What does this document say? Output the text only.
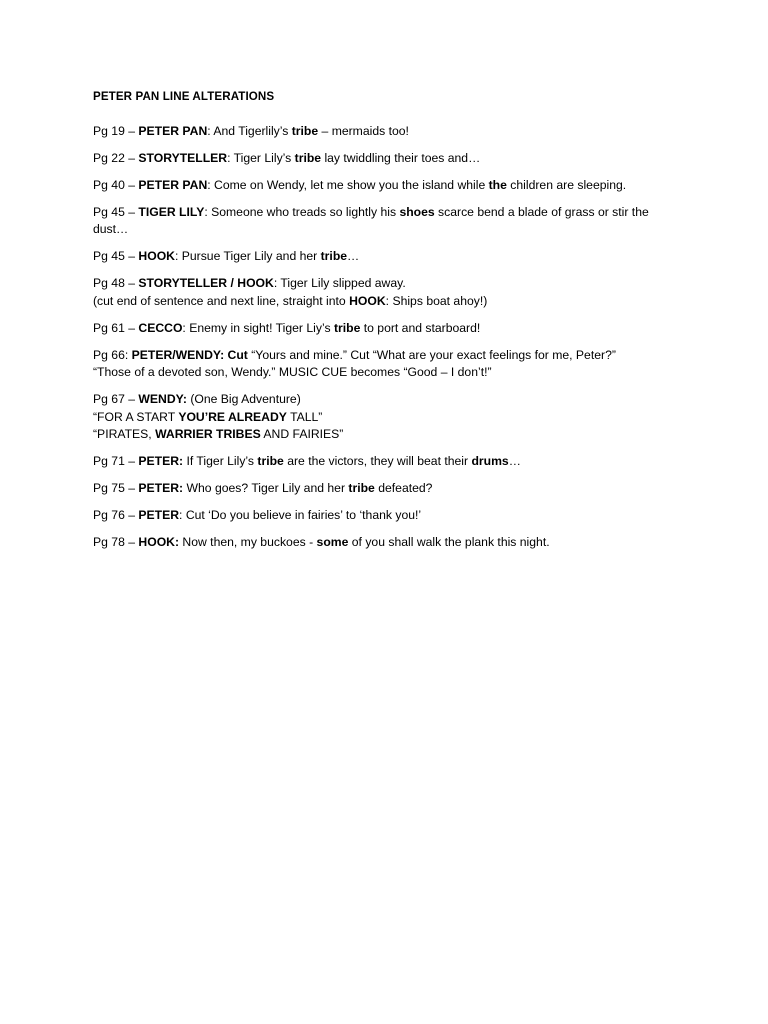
PETER PAN LINE ALTERATIONS
Pg 19 – PETER PAN: And Tigerlily’s tribe – mermaids too!
Pg 22 – STORYTELLER: Tiger Lily’s tribe lay twiddling their toes and…
Pg 40 – PETER PAN: Come on Wendy, let me show you the island while the children are sleeping.
Pg 45 – TIGER LILY: Someone who treads so lightly his shoes scarce bend a blade of grass or stir the dust…
Pg 45 – HOOK: Pursue Tiger Lily and her tribe…
Pg 48 – STORYTELLER / HOOK: Tiger Lily slipped away.
(cut end of sentence and next line, straight into HOOK: Ships boat ahoy!)
Pg 61 – CECCO: Enemy in sight! Tiger Liy’s tribe to port and starboard!
Pg 66: PETER/WENDY: Cut “Yours and mine.” Cut “What are your exact feelings for me, Peter?”
“Those of a devoted son, Wendy.” MUSIC CUE becomes “Good – I don’t!”
Pg 67 – WENDY: (One Big Adventure)
“FOR A START YOU’RE ALREADY TALL”
“PIRATES, WARRIER TRIBES AND FAIRIES”
Pg 71 – PETER: If Tiger Lily’s tribe are the victors, they will beat their drums…
Pg 75 – PETER: Who goes? Tiger Lily and her tribe defeated?
Pg 76 – PETER: Cut ‘Do you believe in fairies’ to ‘thank you!’
Pg 78 – HOOK: Now then, my buckoes - some of you shall walk the plank this night.
